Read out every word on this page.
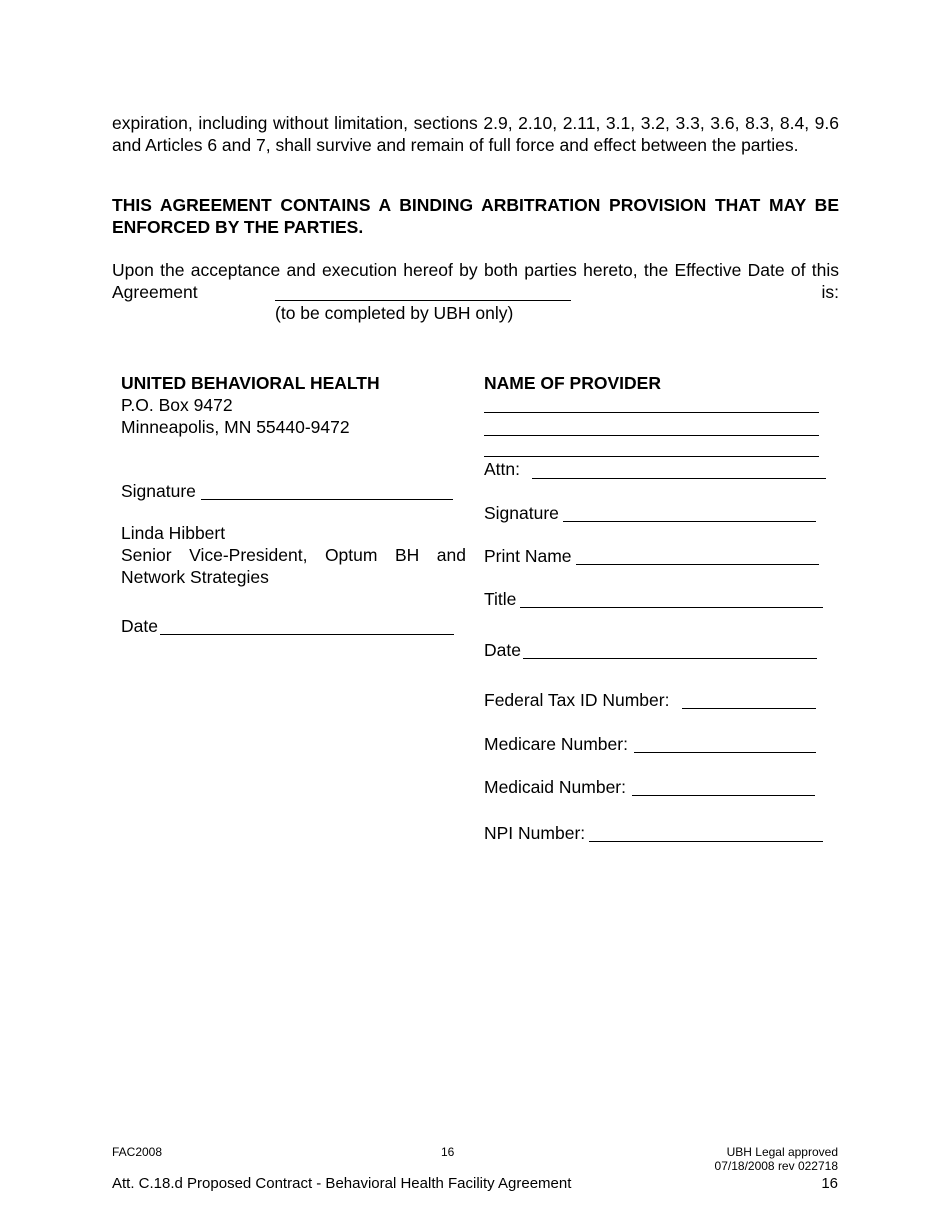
expiration, including without limitation, sections 2.9, 2.10, 2.11, 3.1, 3.2, 3.3, 3.6, 8.3, 8.4, 9.6 and Articles 6 and 7, shall survive and remain of full force and effect between the parties.
THIS AGREEMENT CONTAINS A BINDING ARBITRATION PROVISION THAT MAY BE ENFORCED BY THE PARTIES.
Upon the acceptance and execution hereof by both parties hereto, the Effective Date of this Agreement is:
(to be completed by UBH only)
UNITED BEHAVIORAL HEALTH
P.O. Box 9472
Minneapolis, MN 55440-9472
Signature
Linda Hibbert
Senior Vice-President, Optum BH and Network Strategies
Date
NAME OF PROVIDER
Attn:
Signature
Print Name
Title
Date
Federal Tax ID Number:
Medicare Number:
Medicaid Number:
NPI Number:
FAC2008	16	UBH Legal approved
07/18/2008 rev 022718
Att. C.18.d Proposed Contract - Behavioral Health Facility Agreement	16
